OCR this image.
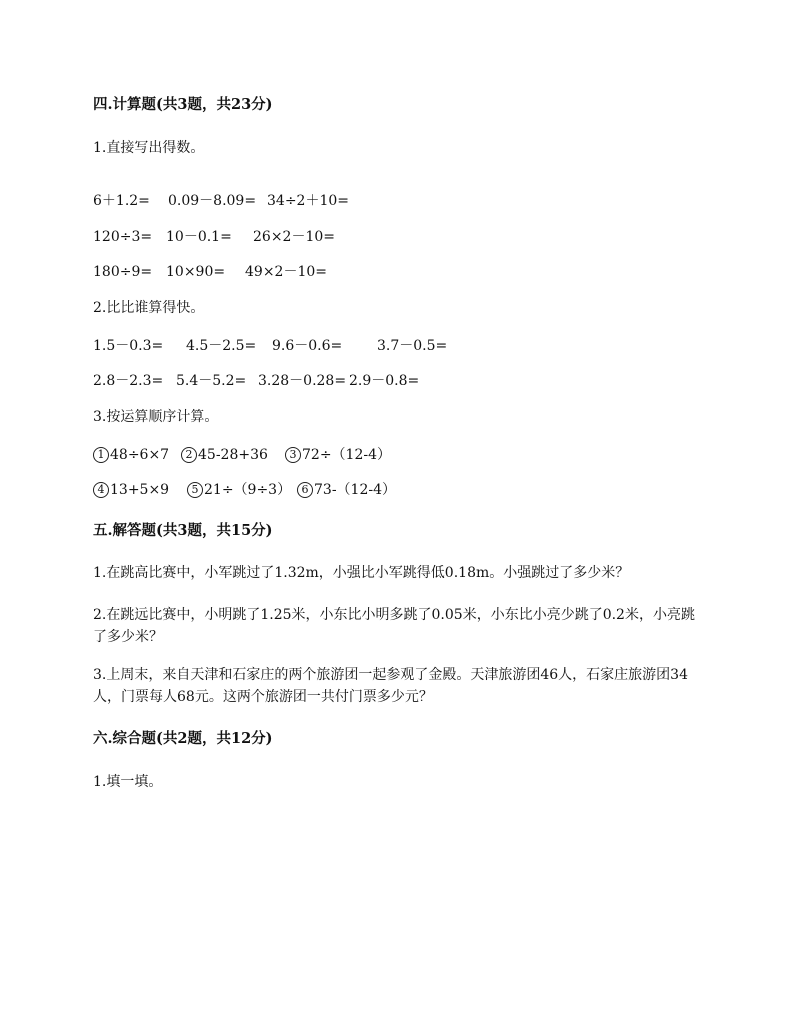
四.计算题(共3题，共23分)
1.直接写出得数。
6＋1.2= 0.09－8.09= 34÷2＋10=
120÷3= 10－0.1= 26×2－10=
180÷9= 10×90= 49×2－10=
2.比比谁算得快。
1.5－0.3= 4.5－2.5= 9.6－0.6= 3.7－0.5=
2.8－2.3= 5.4－5.2= 3.28－0.28= 2.9－0.8=
3.按运算顺序计算。
1 48÷6×7	2 45-28+36	3 72÷（12-4）
4 13+5×9	5 21÷（9÷3） 6 73-（12-4）
五.解答题(共3题，共15分)
1.在跳高比赛中，小军跳过了1.32m，小强比小军跳得低0.18m。小强跳过了多少米？
2.在跳远比赛中，小明跳了1.25米，小东比小明多跳了0.05米，小东比小亮少跳了0.2米，小亮跳了多少米？
3.上周末，来自天津和石家庄的两个旅游团一起参观了金殿。天津旅游团46人，石家庄旅游团34人，门票每人68元。这两个旅游团一共付门票多少元？
六.综合题(共2题，共12分)
1.填一填。
